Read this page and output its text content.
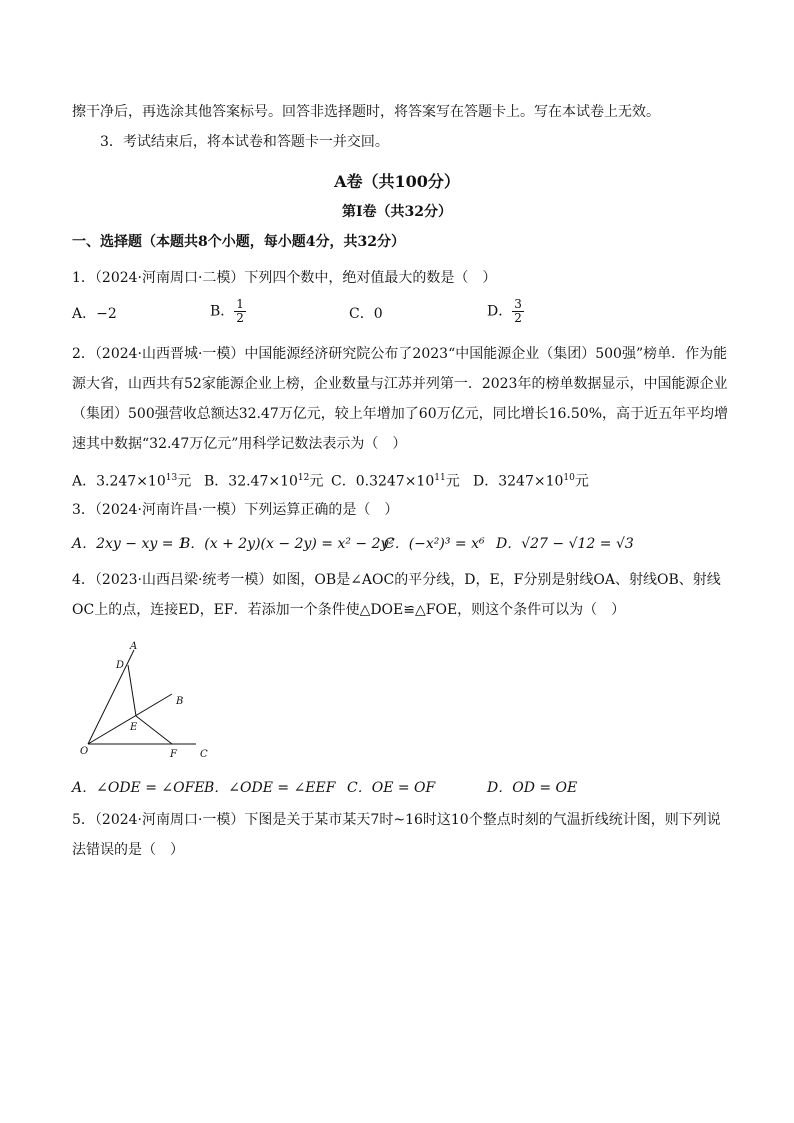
擦干净后，再选涂其他答案标号。回答非选择题时，将答案写在答题卡上。写在本试卷上无效。
3．考试结束后，将本试卷和答题卡一并交回。
A卷（共100分）
第Ⅰ卷（共32分）
一、选择题（本题共8个小题，每小题4分，共32分）
1．（2024·河南周口·二模）下列四个数中，绝对值最大的数是（　）
A．−2	B． $\frac{1}{2}$	C．0	D． $\frac{3}{2}$
2．（2024·山西晋城·一模）中国能源经济研究院公布了2023“中国能源企业（集团）500强”榜单．作为能
源大省，山西共有52家能源企业上榜，企业数量与江苏并列第一．2023年的榜单数据显示，中国能源企业
（集团）500强营收总额达32.47万亿元，较上年增加了60万亿元，同比增长16.50%，高于近五年平均增
速其中数据“32.47万亿元”用科学记数法表示为（　）
A．$3.247\times 10^{13}$元 B．$32.47\times 10^{12}$元 C．$0.3247\times 10^{11}$元 D．$3247\times 10^{10}$元
3．（2024·河南许昌·一模）下列运算正确的是（　）
A．2xy − xy = 1
B．(x + 2y)(x − 2y) = x² − 2y²
C．(−x²)³ = x⁶ D．√27 − √12 = √3
4．（2023·山西吕梁·统考一模）如图，OB是∠AOC的平分线，D，E，F分别是射线OA、射线OB、射线
OC上的点，连接ED，EF．若添加一个条件使△DOE≌△FOE，则这个条件可以为（　）
A
B
C
D
E
F
O
A．∠ODE = ∠OFE B．∠ODE = ∠EEF C．OE = OF	D．OD = OE
5．（2024·河南周口·一模）下图是关于某市某天7时~16时这10个整点时刻的气温折线统计图，则下列说
法错误的是（　）
